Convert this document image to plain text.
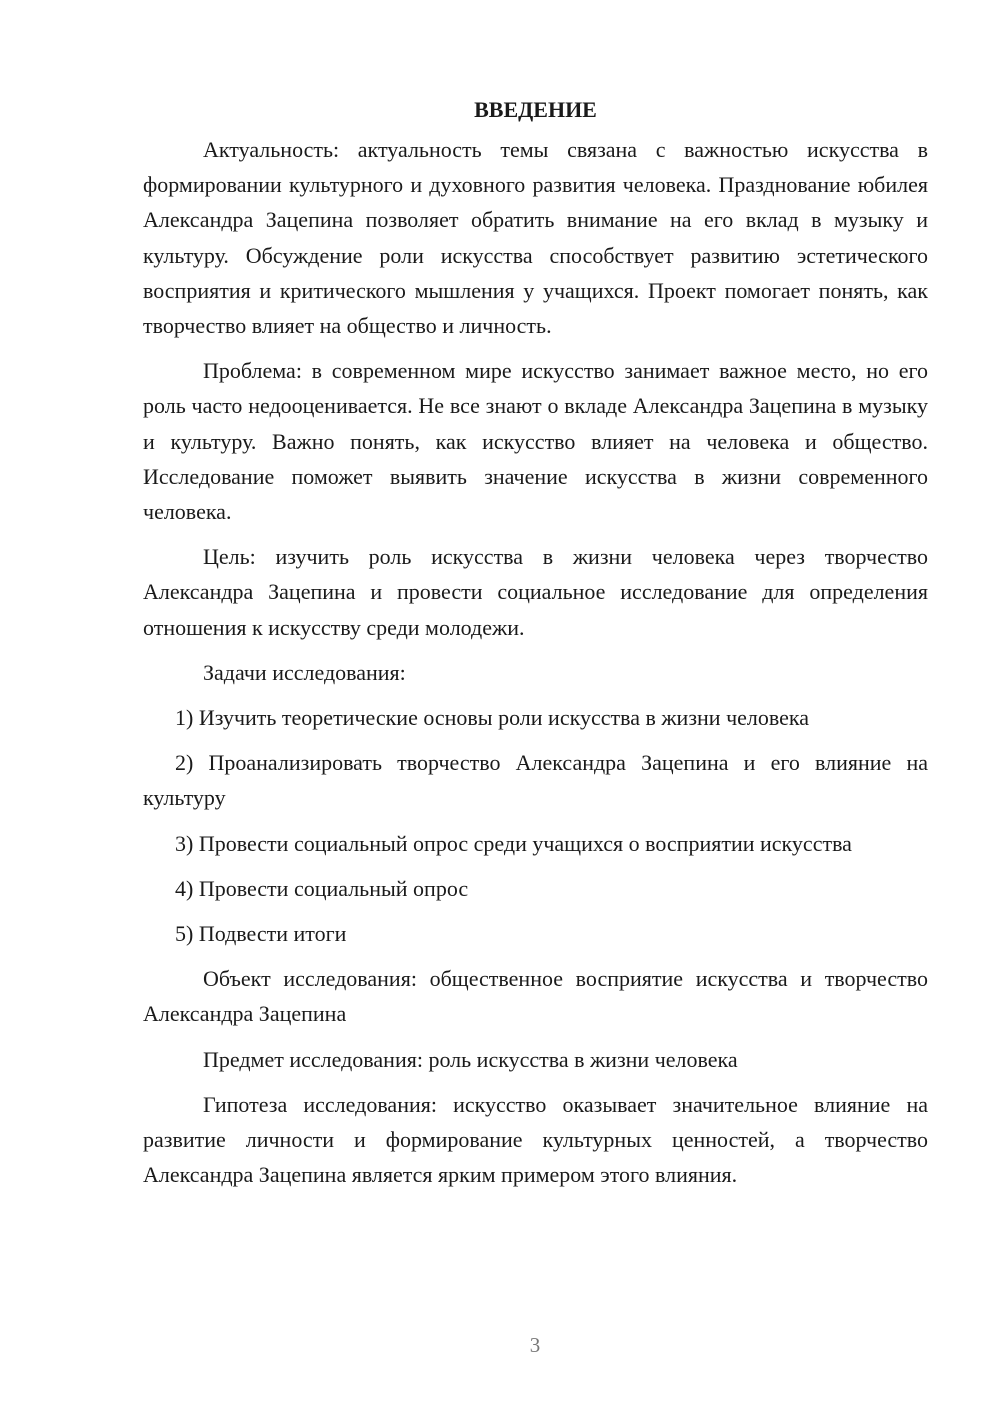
ВВЕДЕНИЕ

Актуальность: актуальность темы связана с важностью искусства в формировании культурного и духовного развития человека. Празднование юбилея Александра Зацепина позволяет обратить внимание на его вклад в музыку и культуру. Обсуждение роли искусства способствует развитию эстетического восприятия и критического мышления у учащихся. Проект помогает понять, как творчество влияет на общество и личность.

Проблема: в современном мире искусство занимает важное место, но его роль часто недооценивается. Не все знают о вкладе Александра Зацепина в музыку и культуру. Важно понять, как искусство влияет на человека и общество. Исследование поможет выявить значение искусства в жизни современного человека.

Цель: изучить роль искусства в жизни человека через творчество Александра Зацепина и провести социальное исследование для определения отношения к искусству среди молодежи.

Задачи исследования:

1) Изучить теоретические основы роли искусства в жизни человека

2) Проанализировать творчество Александра Зацепина и его влияние на культуру

3) Провести социальный опрос среди учащихся о восприятии искусства

4) Провести социальный опрос

5) Подвести итоги

Объект исследования: общественное восприятие искусства и творчество Александра Зацепина

Предмет исследования: роль искусства в жизни человека

Гипотеза исследования: искусство оказывает значительное влияние на развитие личности и формирование культурных ценностей, а творчество Александра Зацепина является ярким примером этого влияния.

3
